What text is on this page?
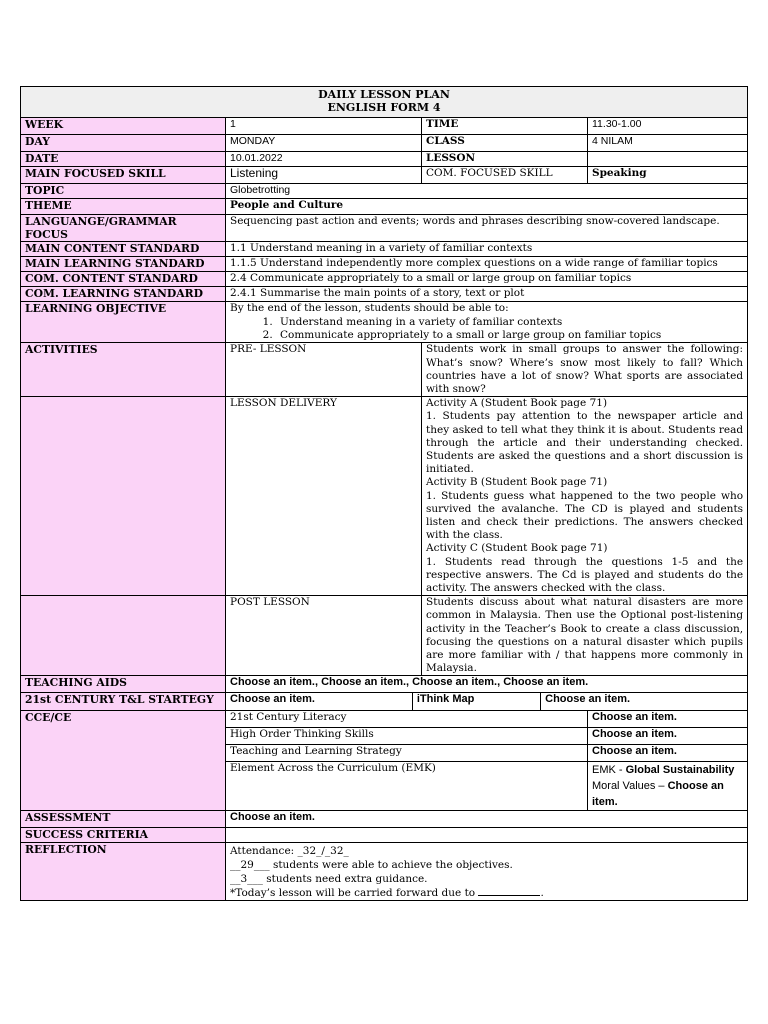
DAILY LESSON PLAN
ENGLISH FORM 4

WEEK	1	TIME	11.30-1.00
DAY	MONDAY	CLASS	4 NILAM
DATE	10.01.2022	LESSON	
MAIN FOCUSED SKILL	Listening	COM. FOCUSED SKILL	Speaking
TOPIC	Globetrotting
THEME	People and Culture
LANGUANGE/GRAMMAR FOCUS	Sequencing past action and events; words and phrases describing snow-covered landscape.
MAIN CONTENT STANDARD	1.1 Understand meaning in a variety of familiar contexts
MAIN LEARNING STANDARD	1.1.5 Understand independently more complex questions on a wide range of familiar topics
COM. CONTENT STANDARD	2.4 Communicate appropriately to a small or large group on familiar topics
COM. LEARNING STANDARD	2.4.1 Summarise the main points of a story, text or plot
LEARNING OBJECTIVE	By the end of the lesson, students should be able to:
1. Understand meaning in a variety of familiar contexts
2. Communicate appropriately to a small or large group on familiar topics

ACTIVITIES	PRE- LESSON	Students work in small groups to answer the following: What’s snow? Where’s snow most likely to fall? Which countries have a lot of snow? What sports are associated with snow?
	LESSON DELIVERY	Activity A (Student Book page 71)
1. Students pay attention to the newspaper article and they asked to tell what they think it is about. Students read through the article and their understanding checked. Students are asked the questions and a short discussion is initiated.
Activity B (Student Book page 71)
1. Students guess what happened to the two people who survived the avalanche. The CD is played and students listen and check their predictions. The answers checked with the class.
Activity C (Student Book page 71)
1. Students read through the questions 1-5 and the respective answers. The Cd is played and students do the activity. The answers checked with the class.

	POST LESSON	Students discuss about what natural disasters are more common in Malaysia. Then use the Optional post-listening activity in the Teacher’s Book to create a class discussion, focusing the questions on a natural disaster which pupils are more familiar with / that happens more commonly in Malaysia.
TEACHING AIDS	Choose an item., Choose an item., Choose an item., Choose an item.
21st CENTURY T&L STARTEGY	Choose an item.	iThink Map	Choose an item.

CCE/CE	21st Century Literacy	Choose an item.
High Order Thinking Skills	Choose an item.
Teaching and Learning Strategy	Choose an item.
Element Across the Curriculum (EMK)	EMK - Global Sustainability
Moral Values – Choose an item.

ASSESSMENT	Choose an item.
SUCCESS CRITERIA	
REFLECTION	Attendance: _32_/_32_
__29___ students were able to achieve the objectives.
__3___ students need extra guidance.
*Today’s lesson will be carried forward due to	.
